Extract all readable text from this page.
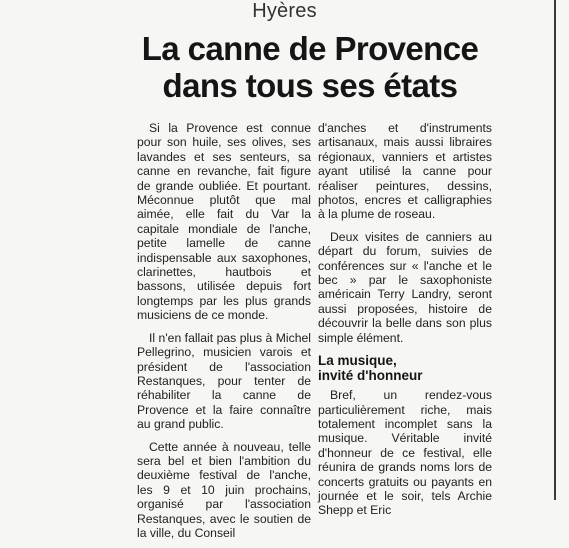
Hyères
La canne de Provence dans tous ses états

Si la Provence est connue pour son huile, ses olives, ses lavandes et ses senteurs, sa canne en revanche, fait figure de grande oubliée. Et pourtant. Méconnue plutôt que mal aimée, elle fait du Var la capitale mondiale de l'anche, petite lamelle de canne indispensable aux saxophones, clarinettes, hautbois et bassons, utilisée depuis fort longtemps par les plus grands musiciens de ce monde.

Il n'en fallait pas plus à Michel Pellegrino, musicien varois et président de l'association Restanques, pour tenter de réhabiliter la canne de Provence et la faire connaître au grand public.

Cette année à nouveau, telle sera bel et bien l'ambition du deuxième festival de l'anche, les 9 et 10 juin prochains, organisé par l'association Restanques, avec le soutien de la ville, du Conseil

d'anches et d'instruments artisanaux, mais aussi libraires régionaux, vanniers et artistes ayant utilisé la canne pour réaliser peintures, dessins, photos, encres et calligraphies à la plume de roseau.

Deux visites de canniers au départ du forum, suivies de conférences sur « l'anche et le bec » par le saxophoniste américain Terry Landry, seront aussi proposées, histoire de découvrir la belle dans son plus simple élément.

La musique,
invité d'honneur

Bref, un rendez-vous particulièrement riche, mais totalement incomplet sans la musique. Véritable invité d'honneur de ce festival, elle réunira de grands noms lors de concerts gratuits ou payants en journée et le soir, tels Archie Shepp et Eric
